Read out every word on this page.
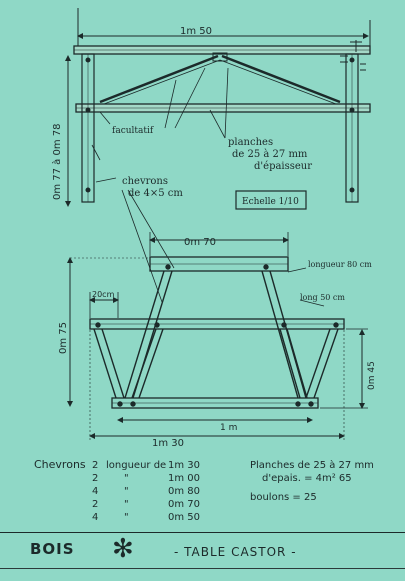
1m 50
0m 77 à 0m 78	facultatif
planches
de 25 à 27 mm
d'épaisseur
chevrons
de 4×5 cm
Echelle 1/10
0m 70
20cm
0m 75
longueur 80 cm
long 50 cm
0m 45
1 m
1m 30
Chevrons 2 longueur de 1m 30
2	"	1m 00
4	"	0m 80
2	"	0m 70
4	"	0m 50
Planches de 25 à 27 mm
d'epais. = 4m² 65
boulons = 25
BOIS ✻	- TABLE CASTOR -
